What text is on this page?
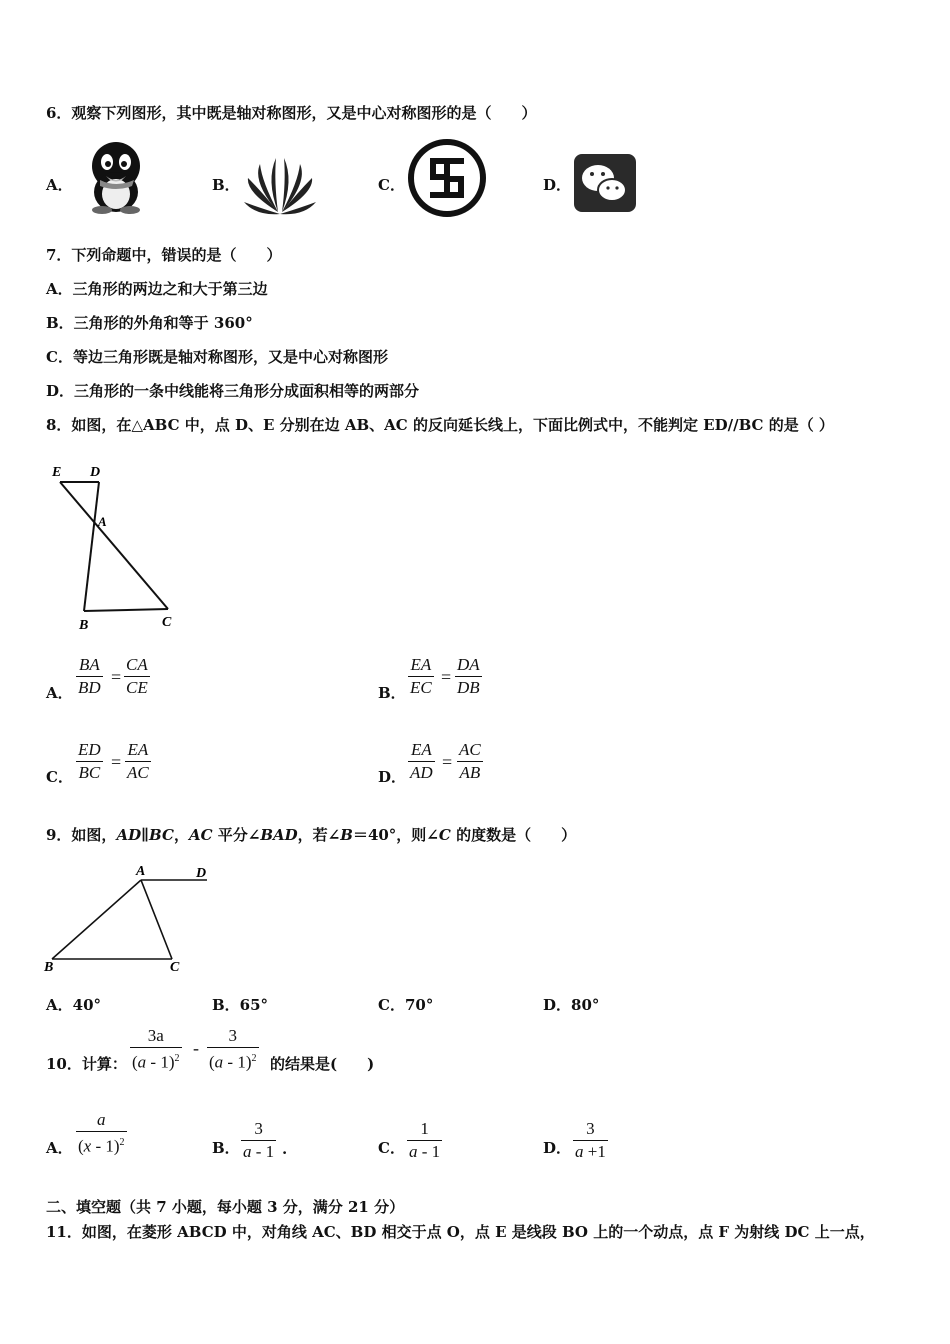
6．观察下列图形，其中既是轴对称图形，又是中心对称图形的是（　　）
A．	B．	C．	D．
7．下列命题中，错误的是（　　）
A．三角形的两边之和大于第三边
B．三角形的外角和等于 360°
C．等边三角形既是轴对称图形，又是中心对称图形
D．三角形的一条中线能将三角形分成面积相等的两部分
8．如图，在△ABC 中，点 D、E 分别在边 AB、AC 的反向延长线上，下面比例式中，不能判定 ED//BC 的是（ ）
E D
A
B	C
A． $\frac{BA}{BD} = \frac{CA}{CE}$	B． $\frac{EA}{EC} = \frac{DA}{DB}$
C． $\frac{ED}{BC} = \frac{EA}{AC}$	D． $\frac{EA}{AD} = \frac{AC}{AB}$
9．如图，AD∥BC，AC 平分∠BAD，若∠B＝40°，则∠C 的度数是（　　）
A	D
B	C
A．40°	B．65°	C．70°	D．80°
10．计算： $\frac{3a}{(a - 1)^2} - \frac{3}{(a - 1)^2}$ 的结果是(　　)
A． $\frac{a}{(x - 1)^2}$	B． $\frac{3}{a - 1}$ .	C． $\frac{1}{a - 1}$	D． $\frac{3}{a +1}$
二、填空题（共 7 小题，每小题 3 分，满分 21 分）
11．如图，在菱形 ABCD 中，对角线 AC、BD 相交于点 O，点 E 是线段 BO 上的一个动点，点 F 为射线 DC 上一点，
